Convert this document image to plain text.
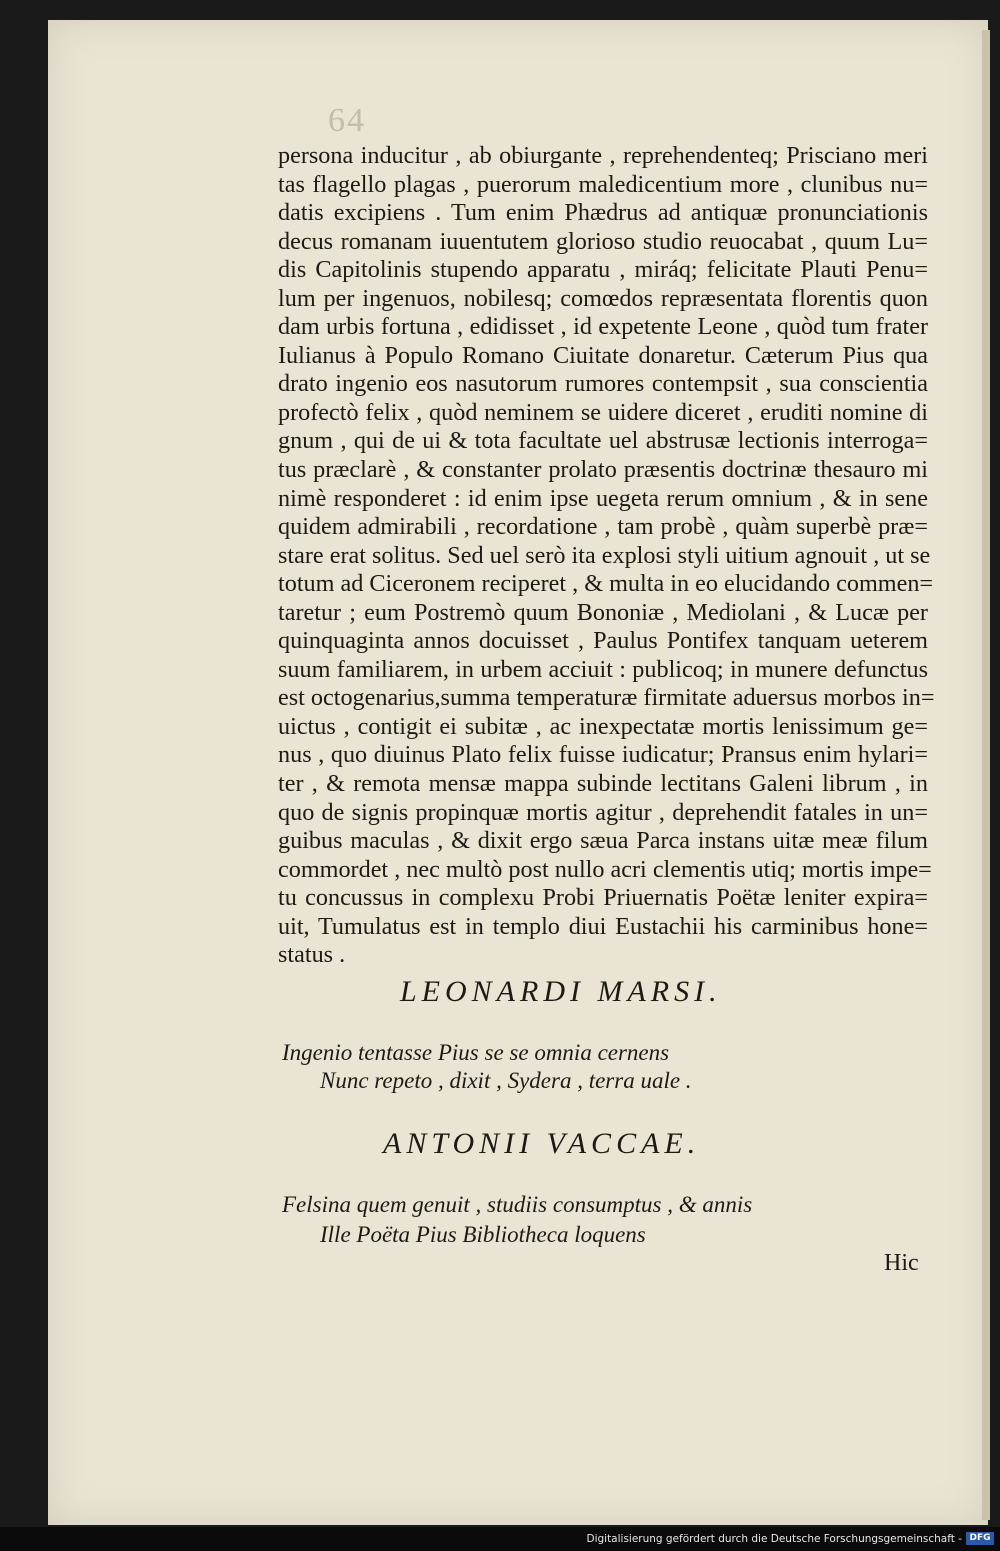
64
persona inducitur , ab obiurgante , reprehendenteq; Prisciano meri
tas flagello plagas , puerorum maledicentium more , clunibus nu=
datis excipiens . Tum enim Phædrus ad antiquæ pronunciationis
decus romanam iuuentutem glorioso studio reuocabat , quum Lu=
dis Capitolinis stupendo apparatu , miráq; felicitate Plauti Penu=
lum per ingenuos, nobilesq; comœdos repræsentata florentis quon
dam urbis fortuna , edidisset , id expetente Leone , quòd tum frater
Iulianus à Populo Romano Ciuitate donaretur. Cæterum Pius qua
drato ingenio eos nasutorum rumores contempsit , sua conscientia
profectò felix , quòd neminem se uidere diceret , eruditi nomine di
gnum , qui de ui & tota facultate uel abstrusæ lectionis interroga=
tus præclarè , & constanter prolato præsentis doctrinæ thesauro mi
nimè responderet : id enim ipse uegeta rerum omnium , & in sene
quidem admirabili , recordatione , tam probè , quàm superbè præ=
stare erat solitus. Sed uel serò ita explosi styli uitium agnouit , ut se
totum ad Ciceronem reciperet , & multa in eo elucidando commen=
taretur ; eum Postremò quum Bononiæ , Mediolani , & Lucæ per
quinquaginta annos docuisset , Paulus Pontifex tanquam ueterem
suum familiarem, in urbem acciuit : publicoq; in munere defunctus
est octogenarius,summa temperaturæ firmitate aduersus morbos in=
uictus , contigit ei subitæ , ac inexpectatæ mortis lenissimum ge=
nus , quo diuinus Plato felix fuisse iudicatur; Pransus enim hylari=
ter , & remota mensæ mappa subinde lectitans Galeni librum , in
quo de signis propinquæ mortis agitur , deprehendit fatales in un=
guibus maculas , & dixit ergo sæua Parca instans uitæ meæ filum
commordet , nec multò post nullo acri clementis utiq; mortis impe=
tu concussus in complexu Probi Priuernatis Poëtæ leniter expira=
uit, Tumulatus est in templo diui Eustachii his carminibus hone=
status .
LEONARDI MARSI.
Ingenio tentasse Pius se se omnia cernens
Nunc repeto , dixit , Sydera , terra uale .
ANTONII VACCAE.
Felsina quem genuit , studiis consumptus , & annis
Ille Poëta Pius Bibliotheca loquens
Hic
Digitalisierung gefördert durch die Deutsche Forschungsgemeinschaft - DFG
